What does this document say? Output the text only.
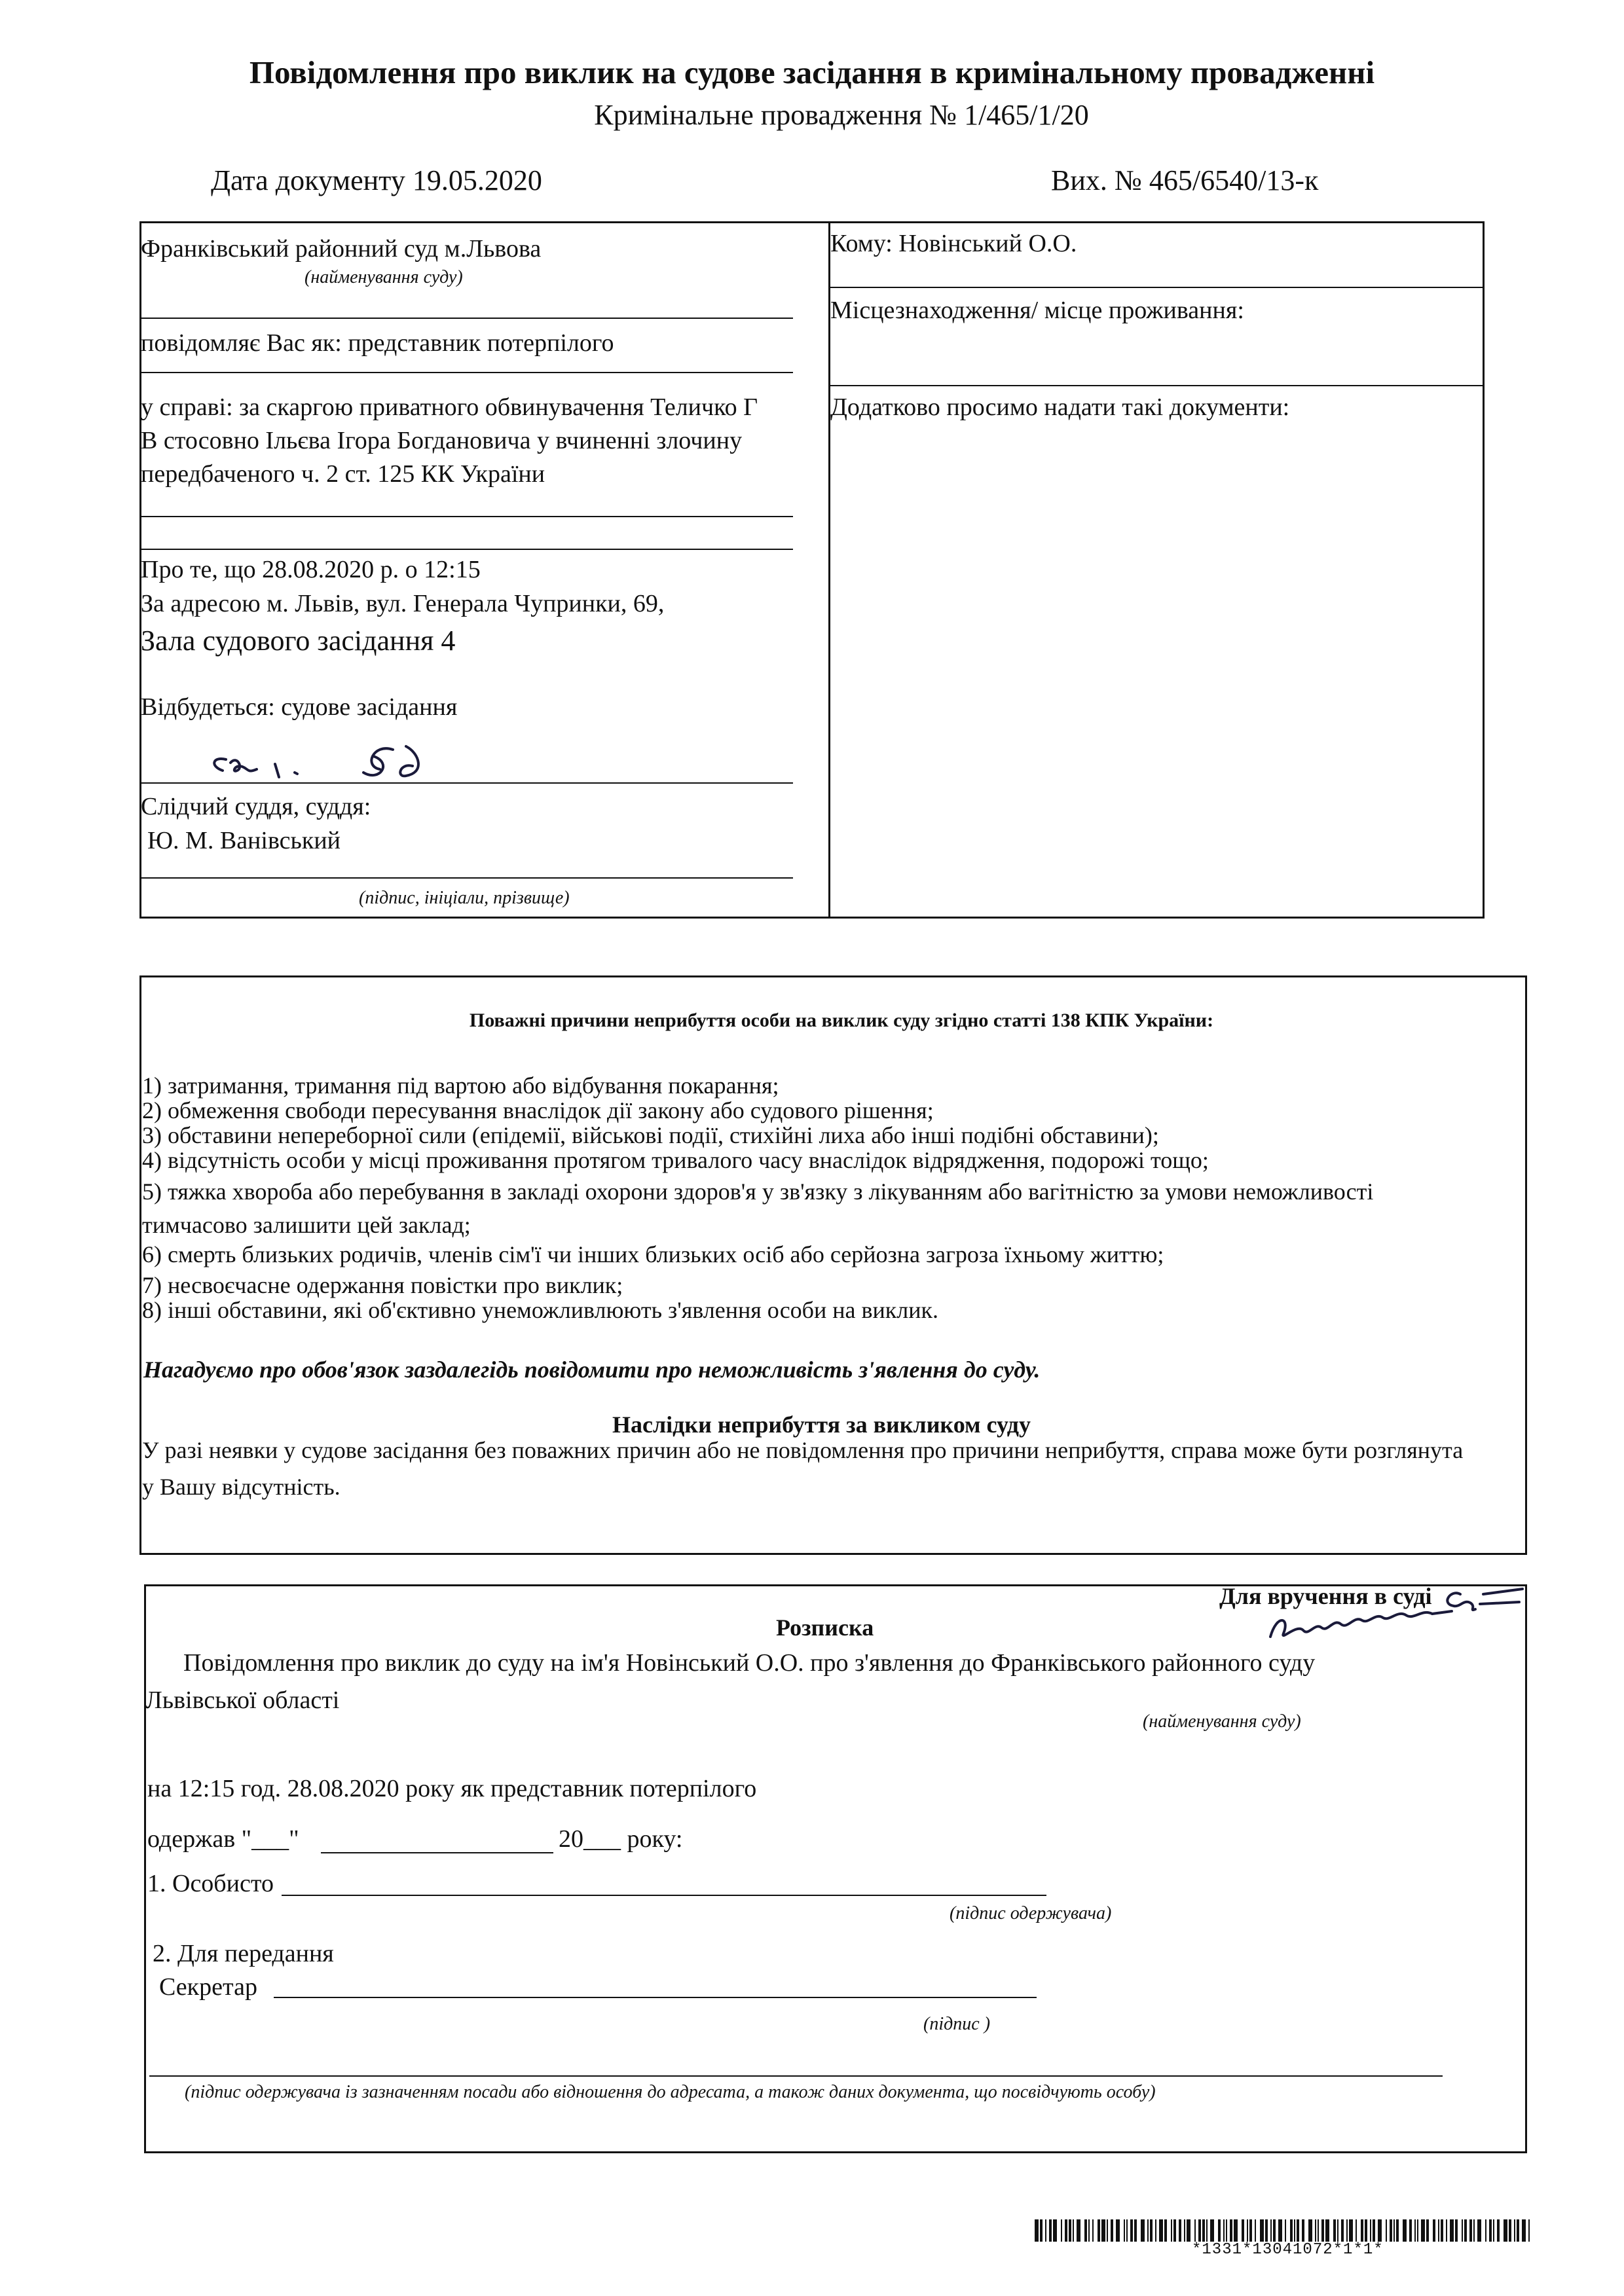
Повідомлення про виклик на судове засідання в кримінальному провадженні
Кримінальне провадження № 1/465/1/20
Дата документу 19.05.2020	Вих. № 465/6540/13-к
Франківський районний суд м.Львова
(найменування суду)
повідомляє Вас як: представник потерпілого
у справі: за скаргою приватного обвинувачення Теличко Г
В стосовно Ільєва Ігора Богдановича у вчиненні злочину
передбаченого ч. 2 ст. 125 КК України
Про те, що 28.08.2020 р. о 12:15
За адресою м. Львів, вул. Генерала Чупринки, 69,
Зала судового засідання 4
Відбудеться: судове засідання
Слідчий суддя, суддя:
Ю. М. Ванівський
(підпис, ініціали, прізвище)
Кому: Новінський О.О.
Місцезнаходження/ місце проживання:
Додатково просимо надати такі документи:
Поважні причини неприбуття особи на виклик суду згідно статті 138 КПК України:
1) затримання, тримання під вартою або відбування покарання;
2) обмеження свободи пересування внаслідок дії закону або судового рішення;
3) обставини непереборної сили (епідемії, військові події, стихійні лиха або інші подібні обставини);
4) відсутність особи у місці проживання протягом тривалого часу внаслідок відрядження, подорожі тощо;
5) тяжка хвороба або перебування в закладі охорони здоров'я у зв'язку з лікуванням або вагітністю за умови неможливості
тимчасово залишити цей заклад;
6) смерть близьких родичів, членів сім'ї чи інших близьких осіб або серйозна загроза їхньому життю;
7) несвоєчасне одержання повістки про виклик;
8) інші обставини, які об'єктивно унеможливлюють з'явлення особи на виклик.
Нагадуємо про обов'язок заздалегідь повідомити про неможливість з'явлення до суду.
Наслідки неприбуття за викликом суду
У разі неявки у судове засідання без поважних причин або не повідомлення про причини неприбуття, справа може бути розглянута
у Вашу відсутність.
Для вручення в суді
Розписка
Повідомлення про виклик до суду на ім'я Новінський О.О. про з'явлення до Франківського районного суду
Львівської області
(найменування суду)
на 12:15 год. 28.08.2020 року як представник потерпілого
одержав "___"	20___ року:
1. Особисто
(підпис одержувача)
2. Для передання
Секретар
(підпис )
(підпис одержувача із зазначенням посади або відношення до адресата, а також даних документа, що посвідчують особу)
*1331*13041072*1*1*
